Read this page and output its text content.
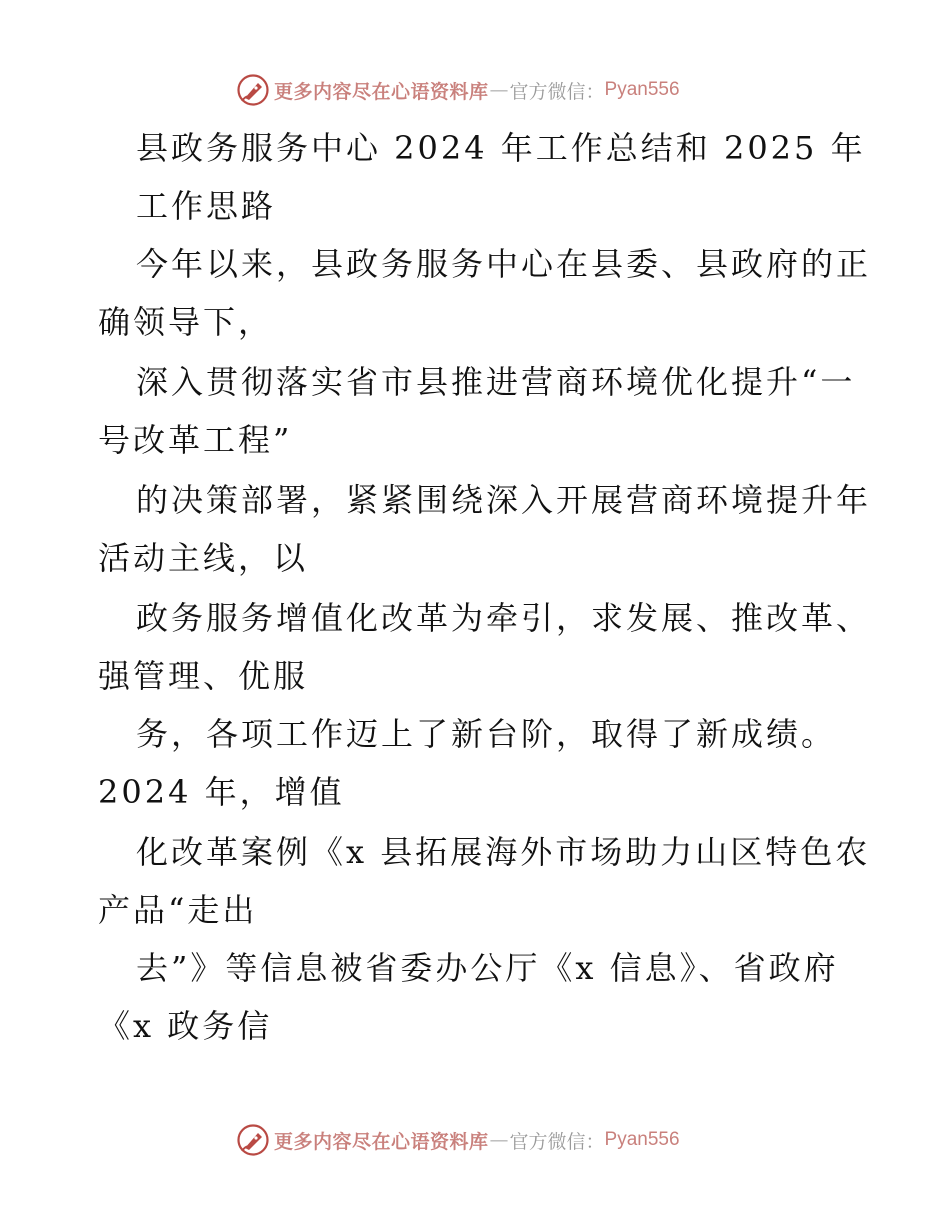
更多内容尽在心语资料库 — 官方微信： Pyan556
县政务服务中心 2024 年工作总结和 2025 年
工作思路
今年以来，县政务服务中心在县委、县政府的正
确领导下，
深入贯彻落实省市县推进营商环境优化提升“一
号改革工程”
的决策部署，紧紧围绕深入开展营商环境提升年
活动主线，以
政务服务增值化改革为牵引，求发展、推改革、
强管理、优服
务，各项工作迈上了新台阶，取得了新成绩。
2024 年，增值
化改革案例《x 县拓展海外市场助力山区特色农
产品“走出
去”》等信息被省委办公厅《x 信息》、省政府
《x 政务信
更多内容尽在心语资料库 — 官方微信： Pyan556
